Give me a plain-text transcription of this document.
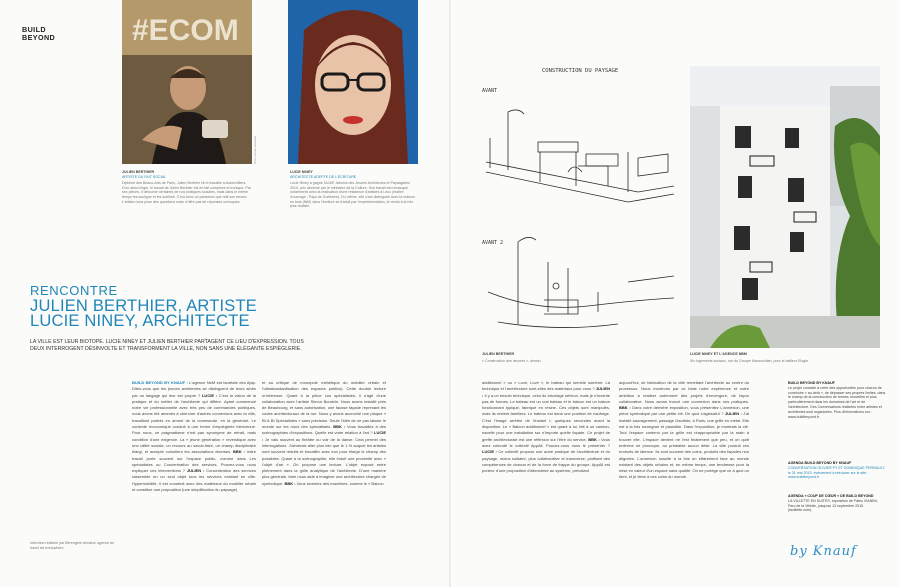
BUILD
BEYOND	#ECOM
Photo Nicolas Demeulier
JULIEN BERTHIER
ARTISTE DU FAIT SOCIAL

Diplômé des Beaux-Arts de Paris, Julien Berthier vit et travaille à Aubervilliers. D'un abord léger, le travail de Julien Berthier est en fait complexe et ironique. Par ses pièces, il détourne certaines de nos pratiques sociales, mais dans le même temps les souligne et les sublime. C'est donc un paradoxe que relit son œuvre. L'artiste nous pose des questions mais n'offre pas de réponses univoques.

LUCIE NINEY
ARCHITECTE ADEPTE DE L'ÉCRITURE

Lucie Niney a gagné l'AJAP, Albums des Jeunes Architectes et Paysagistes 2010, prix décerné par le ministère de la Culture. Son travail est remarqué notamment avec la réalisation d'une résidence d'artistes à Leux (maître d'ouvrage : Pays de Guillestre). Du même, elle s'est distinguée avec la maison en bois (NiM) dans l'écriture se traduit par l'expérimentation, le rendu à la fois plus réaliste.

RENCONTRE
JULIEN BERTHIER, ARTISTE
LUCIE NINEY, ARCHITECTE
LA VILLE EST LEUR BIOTOPE. LUCIE NINEY ET JULIEN BERTHIER PARTAGENT CE LIEU D'EXPRESSION. TOUS DEUX INTERROGENT DÉSINVOLTE ET TRANSFORMENT LA VILLE, NON SANS UNE ÉLÉGANTE ESPIÈGLERIE.

BUILD BEYOND BY KNAUF : L'agence NeM est lauréate des Ajap. Dites-vous que les jeunes architectes se distinguent de leurs aînés par un langage qui leur est propre ? LUCIE : C'est la vision de la pratique et du métier de l'architecte qui diffère. Ayant commencé notre vie professionnelle avec très peu de commandes publiques, nous avons été amenés à chercher d'autres connexions avec la ville, travaillant parfois en amont de la commande, en la générant. Le contexte économique conduit à une forme d'espièglerie bienvenue. Pour nous, ce pragmatisme n'est pas synonyme de retrait, mais condition d'une exigence. La « jeune génération » revendique avec une utilité sociale, un recours au savoir-faire, un champ disciplinaire élargi, et accepte volontiers les associations diverses. BBK : Votre travail porte souvent sur l'espace public, comme dans Les spécialistes ou Concentration des services. Pouvez-vous nous expliquer ces interventions ? JULIEN : Concentration des services rassemble en un seul objet tous les services existant en ville. Hypermobilité, il est construit avec des matériaux du mobilier urbain et constitue une proposition (une simplification du paysage)

et sa critique de monopole esthétique du mobilier urbain et l'ultrastandardisation des espaces publics). Cette double lecture m'intéresse. Quant à la pièce Les spécialistes, il s'agit d'une collaboration avec l'artiste Simon Boudvin. Nous avons installé près de Beaubourg, et sans autorisation, une fausse façade reprenant les codes architecturaux de la rue. Nous y avons accroché une plaque « Bt & Bt Spécialistes » sans précision. Seule l'idée de ne pas laisser le monde sur les murs des spécialistes. BBK : Vous travaillez à des scénographies d'expositions. Quelle est votre relation à l'art ? LUCIE : Je vais souvent au théâtre ou voir de la danse. Cela permet des interrogations. J'aimerais aller plus loin que le 1 % auquel les artistes sont souvent réduits et travailler avec eux pour élargir le champ des possibles. Quant à la scénographie, elle induit une proximité avec « l'objet d'art ». On propose une lecture. L'objet exposé entre pleinement dans la grille analytique de l'architecte. D'une manière plus générale, faire nous aide à imaginer une architecture chargée de symbolique. BBK : Vous inventez des machines, comme le « Balcon

additionnel » ou « Love, Love », le bateau qui semble sombrer. La technique et l'architecture sont-elles des matériaux pour vous ? JULIEN : Il y a un besoin technique, celui du bricolage sérieux, mais je n'invente pas de formes. Le bateau est un vrai bateau et le balcon est un balcon fonctionnant typique, fabriqué en résine. Ces objets sont manipulés, mais ils restent familiers. Le bateau est dans une position de naufrage. C'est l'image arrêtée de l'instant t, quelques secondes avant la disparition. Le « Balcon additionnel » est quant à lui, fait à un camion-nacelle pour une installation sur n'importe quelle façade. Ce projet de greffe architecturale est une réflexion sur l'être du service. BBK : Vous avez cofondé le collectif AppAll. Pouvez-vous nous le présenter ? LUCIE : Ce collectif propose une autre pratique de l'architecture et du paysage, moins solitaire, plus collaborative et transverse, profitant des compétences de chacun et de la force de frappe du groupe. AppAll est porteur d'une proposition d'alternative au système, prévalant

aujourd'hui, de fabrication de la ville remettant l'architecte au centre du processus. Nous montrons par ce biais notre expérience et notre ambition à réaliser autrement des projets d'envergure, de façon collaborative. Nous avons trouvé une connexion dans nos pratiques. BBK : Dans votre dernière exposition, vous présentiez L'annexion, une pièce symbolique par une petite clé. De quoi s'agissait-il ? JULIEN : J'ai installé sauvagement, passage Gauthier, à Paris, une grille en métal. Elle est à la fois incongrue et plausible. Dans l'exposition, je montrais la clé. Tout l'espace contenu par la grille est réappropriable par la main à trouver elle. L'espace devient ne l'est finalement que peu, et on quitt enferme ne provoque, au préalable aucun désir. La ville produit ces endroits de latence. Ils sont souvent des coins, produits des façades non alignées. L'annexion suscite à la fois un effarement face au monde existant des objets urbains et, en même temps, une tendresse pour la mise en valeur d'un espace sans qualité. On ne protège que ce à quoi on tient, et je tiens à ces coins du monde.

Interview réalisée par Bérengère Armand, agence de travel art everywhere.
CONSTRUCTION DU PAYSAGE
AVANT
AVANT 2
JULIEN BERTHIER

« Construction des œuvres », dessin.

LUCIE NINEY ET L'AGENCE NBM

Six logements sociaux, rue du Groupe Manouchian, pour le bailleur Elogie.

BUILD BEYOND BY KNAUF
Le projet consiste à créer des opportunités pour chacun de construire « au-delà », de dépasser ses propres limites, dans le champ de la construction de formes nouvelles et plus particulièrement dans les domaines de l'art et de l'architecture. Des Conversations réalisées entre artistes et architectes sont organisées. Plus d'informations sur : www.buildbeyond.fr
AGENDA BUILD BEYOND BY KNAUF
CONVERSATION OLIVIER PY ET DOMINIQUE PERRAULT, le 31 mai 2015. événement à retrouver sur le site : www.buildbeyond.fr
AGENDA « COUP DE CŒUR » DE BUILD BEYOND
LA VILLETTE EN SUITES, exposition de Fabio VIANINI, Parc de la Villette, jusqu'au 13 septembre 2015 (lavillette.com).
by Knauf
